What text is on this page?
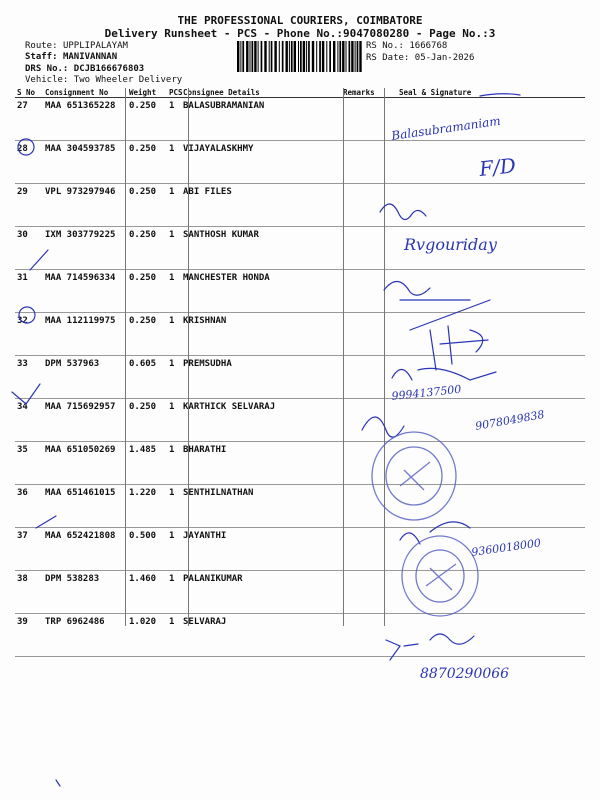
THE PROFESSIONAL COURIERS, COIMBATORE
Delivery Runsheet - PCS - Phone No.:9047080280 - Page No.:3
Route: UPPLIPALAYAM
Staff: MANIVANNAN
DRS No.: DCJB166676803
Vehicle: Two Wheeler Delivery
RS No.: 1666768
RS Date: 05-Jan-2026
S No	Consignment No	Weight	PCS	Consignee Details	Remarks	Seal & Signature
27	MAA 651365228	0.250	1	BALASUBRAMANIAN		
28	MAA 304593785	0.250	1	VIJAYALASKHMY		
29	VPL 973297946	0.250	1	ABI FILES		
30	IXM 303779225	0.250	1	SANTHOSH KUMAR		
31	MAA 714596334	0.250	1	MANCHESTER HONDA		
32	MAA 112119975	0.250	1	KRISHNAN		
33	DPM 537963	0.605	1	PREMSUDHA		
34	MAA 715692957	0.250	1	KARTHICK SELVARAJ		
35	MAA 651050269	1.485	1	BHARATHI		
36	MAA 651461015	1.220	1	SENTHILNATHAN		
37	MAA 652421808	0.500	1	JAYANTHI		
38	DPM 538283	1.460	1	PALANIKUMAR		
39	TRP 6962486	1.020	1	SELVARAJ		
Balasubramaniam
F/D
Rvgouriday
9994137500
9078049838
9360018000
8870290066
